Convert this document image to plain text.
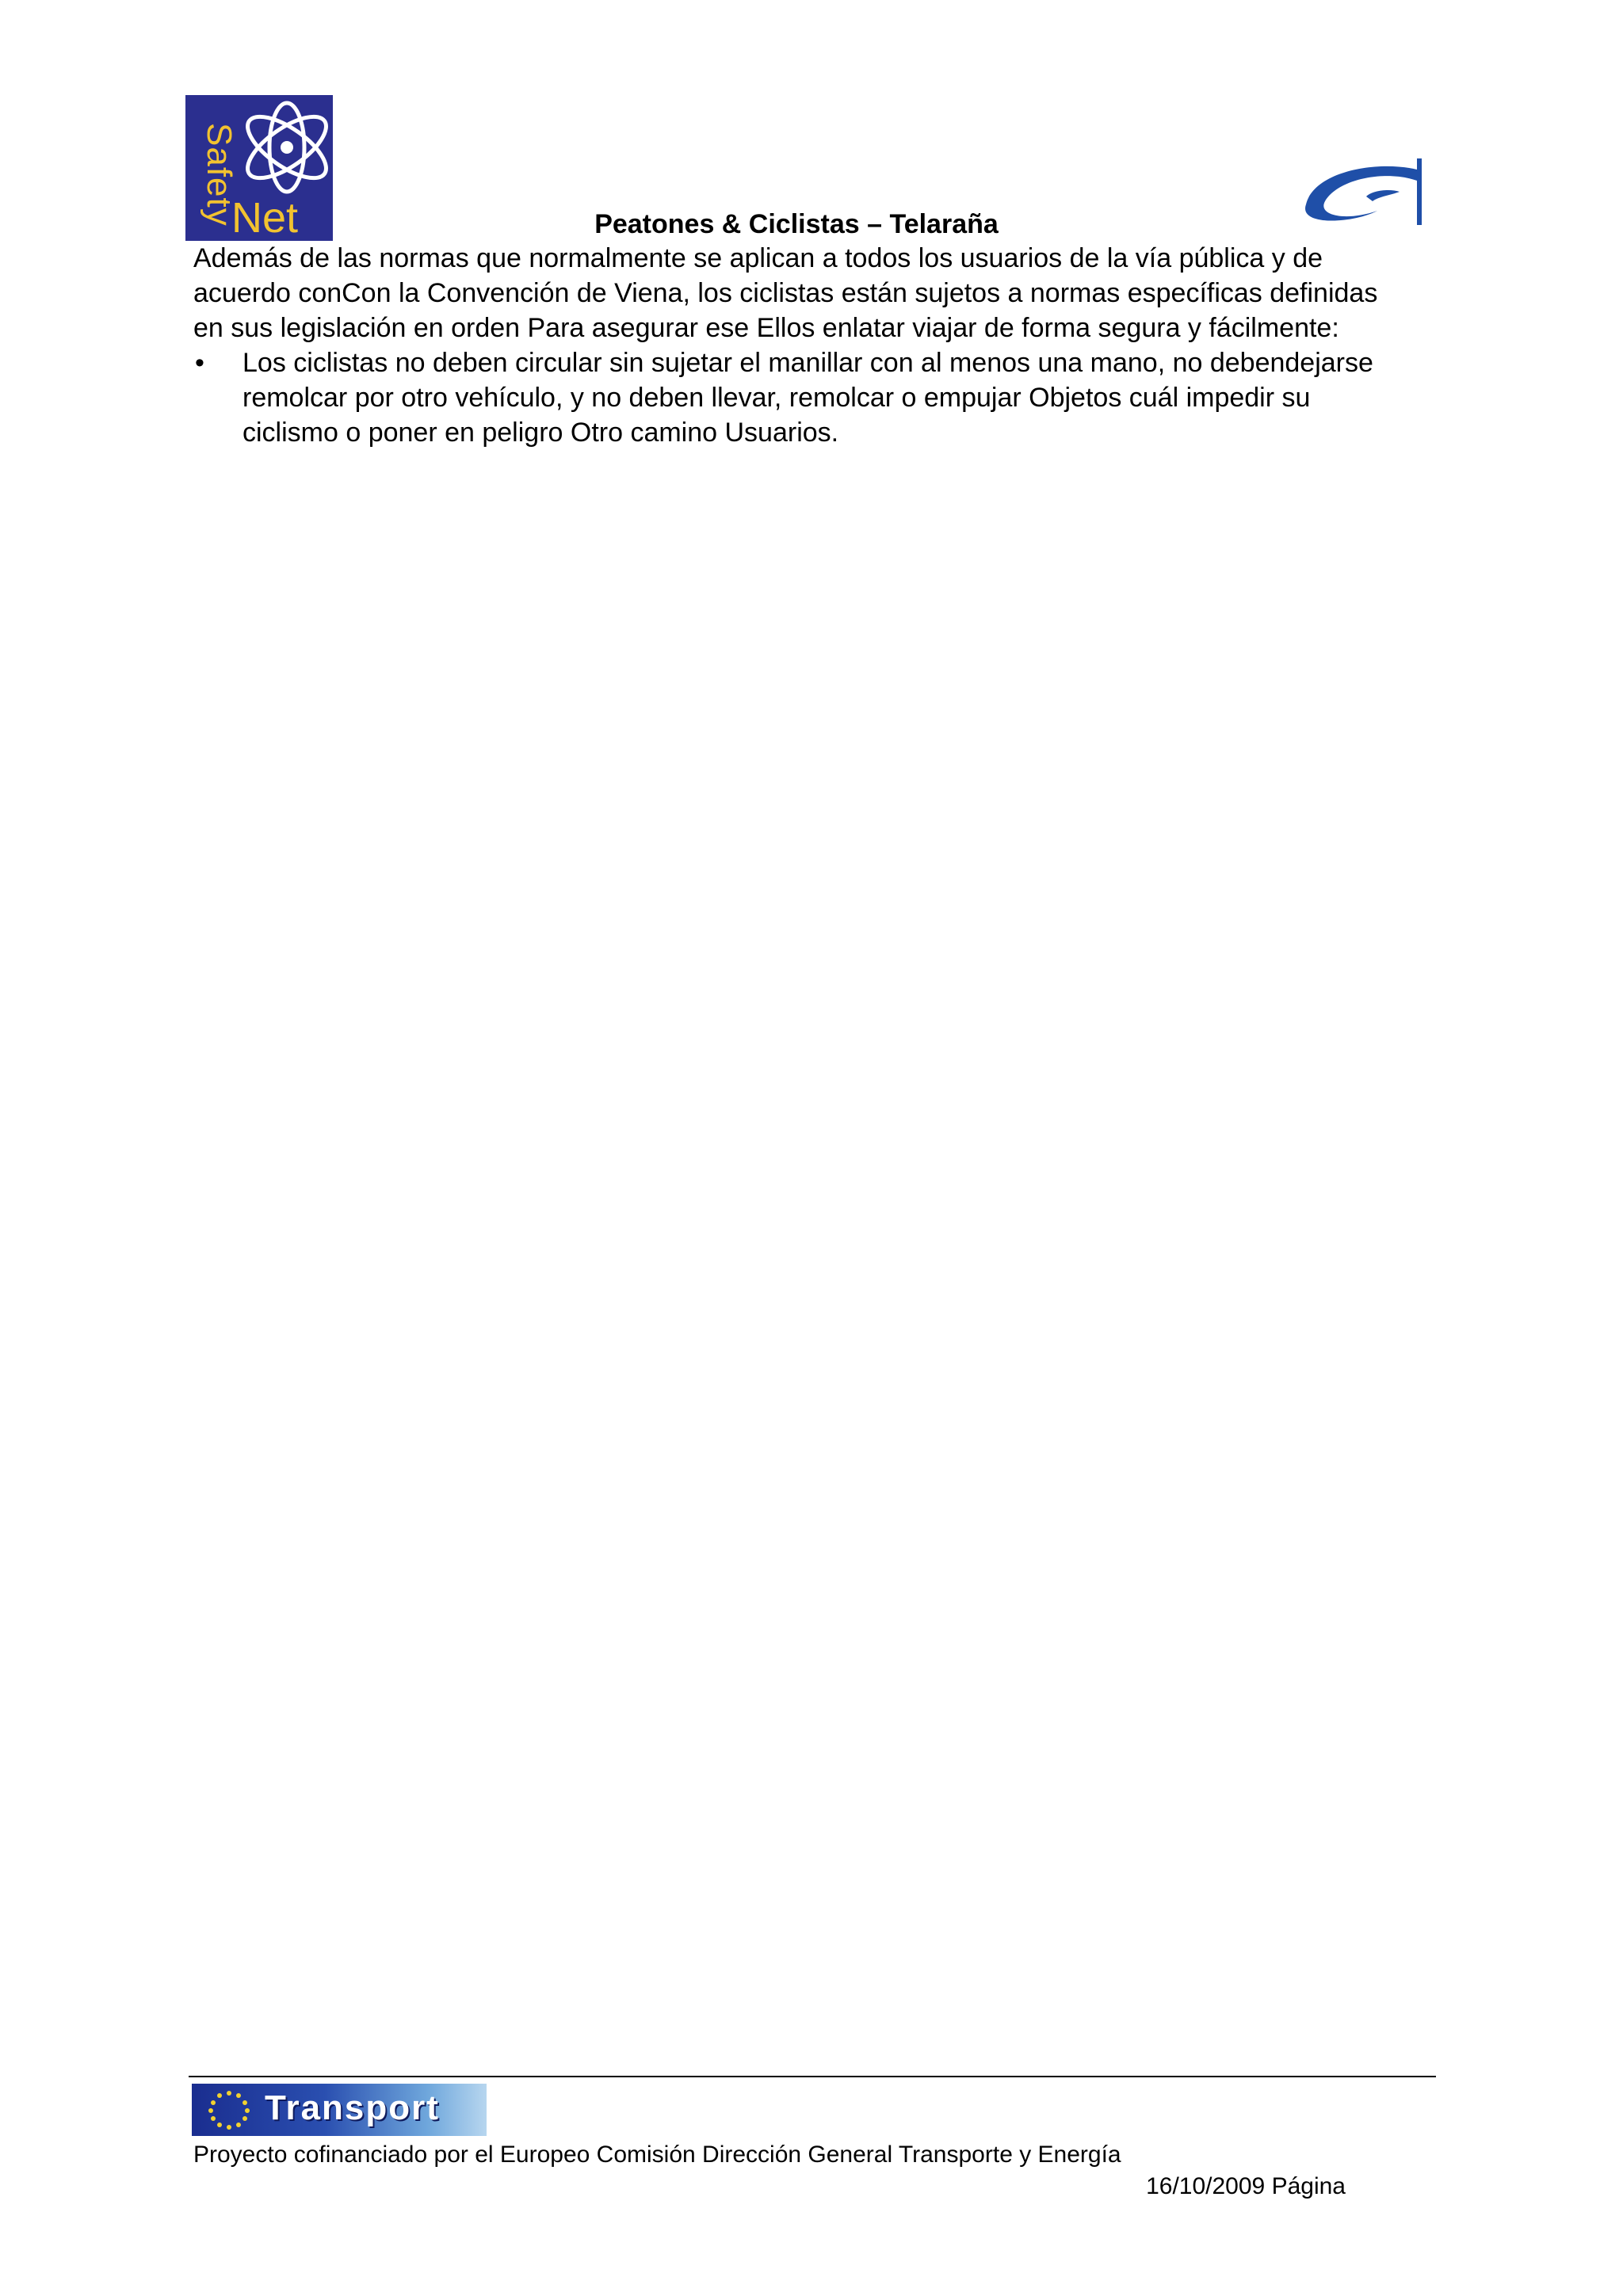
Safety
Net	Peatones & Ciclistas – Telaraña

Además de las normas que normalmente se aplican a todos los usuarios de la vía pública y de acuerdo conCon la Convención de Viena, los ciclistas están sujetos a normas específicas definidas en sus legislación en orden Para asegurar ese Ellos enlatar viajar de forma segura y fácilmente:

• Los ciclistas no deben circular sin sujetar el manillar con al menos una mano, no debendejarse remolcar por otro vehículo, y no deben llevar, remolcar o empujar Objetos cuál impedir su ciclismo o poner en peligro Otro camino Usuarios.
Transport
Proyecto cofinanciado por el Europeo Comisión Dirección General Transporte y Energía
16/10/2009 Página
